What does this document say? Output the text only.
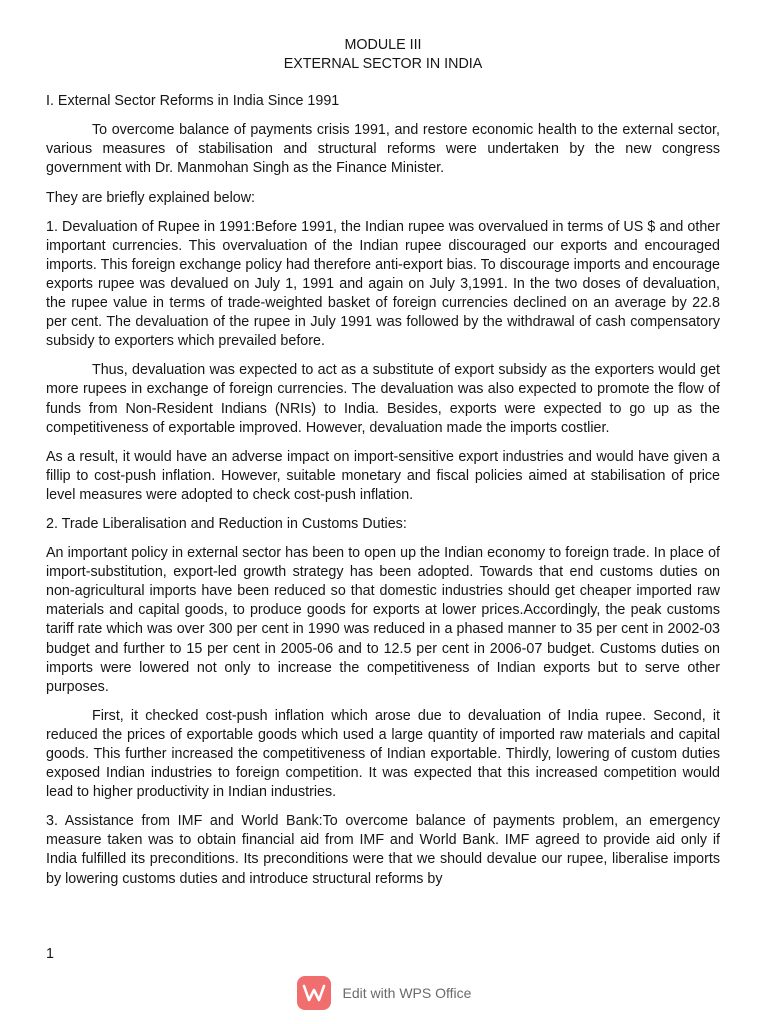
MODULE III

EXTERNAL SECTOR IN INDIA

I. External Sector Reforms in India Since 1991

To overcome balance of payments crisis 1991, and restore economic health to the external sector, various measures of stabilisation and structural reforms were undertaken by the new congress government with Dr. Manmohan Singh as the Finance Minister.

They are briefly explained below:

1. Devaluation of Rupee in 1991:Before 1991, the Indian rupee was overvalued in terms of US $ and other important currencies. This overvaluation of the Indian rupee discouraged our exports and encouraged imports. This foreign exchange policy had therefore anti-export bias. To discourage imports and encourage exports rupee was devalued on July 1, 1991 and again on July 3,1991. In the two doses of devaluation, the rupee value in terms of trade-weighted basket of foreign currencies declined on an average by 22.8 per cent. The devaluation of the rupee in July 1991 was followed by the withdrawal of cash compensatory subsidy to exporters which prevailed before.

Thus, devaluation was expected to act as a substitute of export subsidy as the exporters would get more rupees in exchange of foreign currencies. The devaluation was also expected to promote the flow of funds from Non-Resident Indians (NRIs) to India. Besides, exports were expected to go up as the competitiveness of exportable improved. However, devaluation made the imports costlier.

As a result, it would have an adverse impact on import-sensitive export industries and would have given a fillip to cost-push inflation. However, suitable monetary and fiscal policies aimed at stabilisation of price level measures were adopted to check cost-push inflation.

2. Trade Liberalisation and Reduction in Customs Duties:

An important policy in external sector has been to open up the Indian economy to foreign trade. In place of import-substitution, export-led growth strategy has been adopted. Towards that end customs duties on non-agricultural imports have been reduced so that domestic industries should get cheaper imported raw materials and capital goods, to produce goods for exports at lower prices.Accordingly, the peak customs tariff rate which was over 300 per cent in 1990 was reduced in a phased manner to 35 per cent in 2002-03 budget and further to 15 per cent in 2005-06 and to 12.5 per cent in 2006-07 budget. Customs duties on imports were lowered not only to increase the competitiveness of Indian exports but to serve other purposes.

First, it checked cost-push inflation which arose due to devaluation of India rupee. Second, it reduced the prices of exportable goods which used a large quantity of imported raw materials and capital goods. This further increased the competitiveness of Indian exportable. Thirdly, lowering of custom duties exposed Indian industries to foreign competition. It was expected that this increased competition would lead to higher productivity in Indian industries.

3. Assistance from IMF and World Bank:To overcome balance of payments problem, an emergency measure taken was to obtain financial aid from IMF and World Bank. IMF agreed to provide aid only if India fulfilled its preconditions. Its preconditions were that we should devalue our rupee, liberalise imports by lowering customs duties and introduce structural reforms by

1
Edit with WPS Office
